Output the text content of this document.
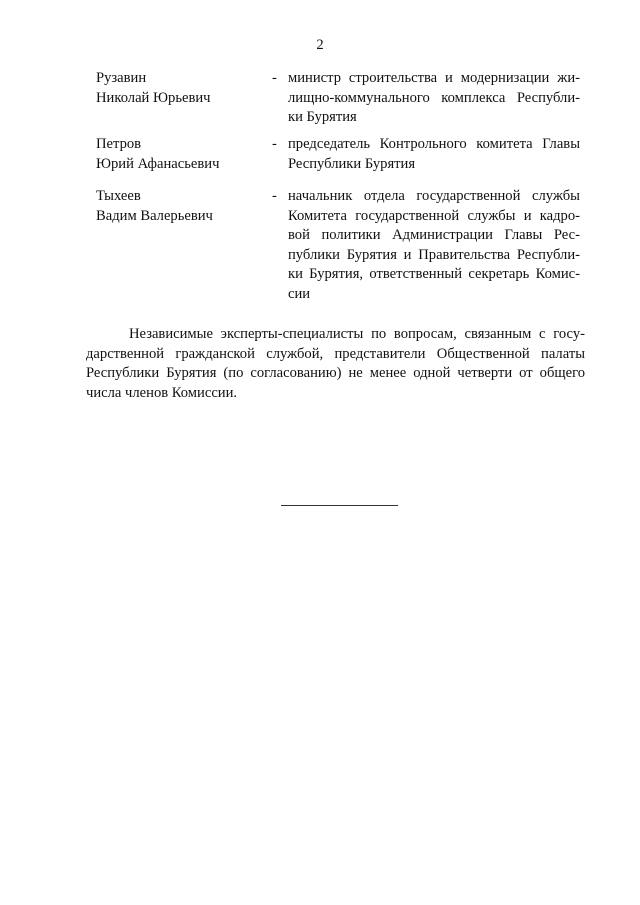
2
Рузавин
Николай Юрьевич
- министр строительства и модернизации жи-
лищно-коммунального комплекса Республи-
ки Бурятия
Петров
Юрий Афанасьевич
- председатель Контрольного комитета Главы
Республики Бурятия
Тыхеев
Вадим Валерьевич
- начальник отдела государственной службы
Комитета государственной службы и кадро-
вой политики Администрации Главы Рес-
публики Бурятия и Правительства Республи-
ки Бурятия, ответственный секретарь Комис-
сии
Независимые эксперты-специалисты по вопросам, связанным с госу-
дарственной гражданской службой, представители Общественной палаты
Республики Бурятия (по согласованию) не менее одной четверти от общего
числа членов Комиссии.
